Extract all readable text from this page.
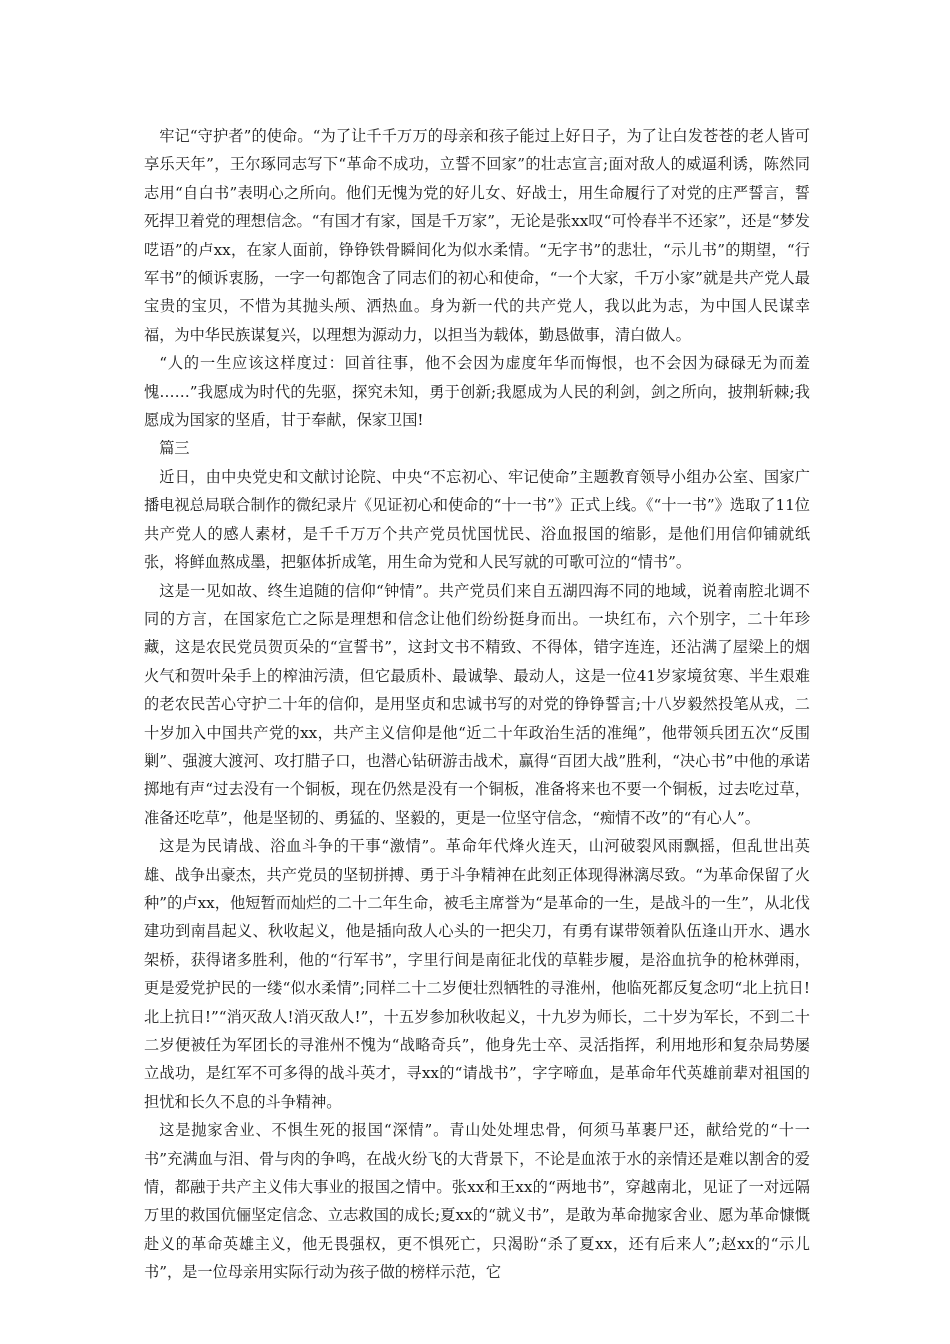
牢记“守护者”的使命。“为了让千千万万的母亲和孩子能过上好日子，为了让白发苍苍的老人皆可享乐天年”，王尔琢同志写下“革命不成功，立誓不回家”的壮志宣言;面对敌人的威逼利诱，陈然同志用“自白书”表明心之所向。他们无愧为党的好儿女、好战士，用生命履行了对党的庄严誓言，誓死捍卫着党的理想信念。“有国才有家，国是千万家”，无论是张xx叹“可怜春半不还家”，还是“梦发呓语”的卢xx，在家人面前，铮铮铁骨瞬间化为似水柔情。“无字书”的悲壮，“示儿书”的期望，“行军书”的倾诉衷肠，一字一句都饱含了同志们的初心和使命，“一个大家，千万小家”就是共产党人最宝贵的宝贝，不惜为其抛头颅、洒热血。身为新一代的共产党人，我以此为志，为中国人民谋幸福，为中华民族谋复兴，以理想为源动力，以担当为载体，勤恳做事，清白做人。

“人的一生应该这样度过：回首往事，他不会因为虚度年华而悔恨，也不会因为碌碌无为而羞愧……”我愿成为时代的先驱，探究未知，勇于创新;我愿成为人民的利剑，剑之所向，披荆斩棘;我愿成为国家的坚盾，甘于奉献，保家卫国!

篇三

近日，由中央党史和文献讨论院、中央“不忘初心、牢记使命”主题教育领导小组办公室、国家广播电视总局联合制作的微纪录片《见证初心和使命的“十一书”》正式上线。《“十一书”》选取了11位共产党人的感人素材，是千千万万个共产党员忧国忧民、浴血报国的缩影，是他们用信仰铺就纸张，将鲜血熬成墨，把躯体折成笔，用生命为党和人民写就的可歌可泣的“情书”。

这是一见如故、终生追随的信仰“钟情”。共产党员们来自五湖四海不同的地域，说着南腔北调不同的方言，在国家危亡之际是理想和信念让他们纷纷挺身而出。一块红布，六个别字，二十年珍藏，这是农民党员贺页朵的“宣誓书”，这封文书不精致、不得体，错字连连，还沾满了屋梁上的烟火气和贺叶朵手上的榨油污渍，但它最质朴、最诚挚、最动人，这是一位41岁家境贫寒、半生艰难的老农民苦心守护二十年的信仰，是用坚贞和忠诚书写的对党的铮铮誓言;十八岁毅然投笔从戎，二十岁加入中国共产党的xx，共产主义信仰是他“近二十年政治生活的准绳”，他带领兵团五次“反围剿”、强渡大渡河、攻打腊子口，也潜心钻研游击战术，赢得“百团大战”胜利，“决心书”中他的承诺掷地有声“过去没有一个铜板，现在仍然是没有一个铜板，准备将来也不要一个铜板，过去吃过草，准备还吃草”，他是坚韧的、勇猛的、坚毅的，更是一位坚守信念，“痴情不改”的“有心人”。

这是为民请战、浴血斗争的干事“激情”。革命年代烽火连天，山河破裂风雨飘摇，但乱世出英雄、战争出豪杰，共产党员的坚韧拼搏、勇于斗争精神在此刻正体现得淋漓尽致。“为革命保留了火种”的卢xx，他短暂而灿烂的二十二年生命，被毛主席誉为“是革命的一生，是战斗的一生”，从北伐建功到南昌起义、秋收起义，他是插向敌人心头的一把尖刀，有勇有谋带领着队伍逢山开水、遇水架桥，获得诸多胜利，他的“行军书”，字里行间是南征北伐的草鞋步履，是浴血抗争的枪林弹雨，更是爱党护民的一缕“似水柔情”;同样二十二岁便壮烈牺牲的寻淮州，他临死都反复念叨“北上抗日!北上抗日!”“消灭敌人!消灭敌人!”，十五岁参加秋收起义，十九岁为师长，二十岁为军长，不到二十二岁便被任为军团长的寻淮州不愧为“战略奇兵”，他身先士卒、灵活指挥，利用地形和复杂局势屡立战功，是红军不可多得的战斗英才，寻xx的“请战书”，字字啼血，是革命年代英雄前辈对祖国的担忧和长久不息的斗争精神。

这是抛家舍业、不惧生死的报国“深情”。青山处处埋忠骨，何须马革裹尸还，献给党的“十一书”充满血与泪、骨与肉的争鸣，在战火纷飞的大背景下，不论是血浓于水的亲情还是难以割舍的爱情，都融于共产主义伟大事业的报国之情中。张xx和王xx的“两地书”，穿越南北，见证了一对远隔万里的救国伉俪坚定信念、立志救国的成长;夏xx的“就义书”，是敢为革命抛家舍业、愿为革命慷慨赴义的革命英雄主义，他无畏强权，更不惧死亡，只渴盼“杀了夏xx，还有后来人”;赵xx的“示儿书”，是一位母亲用实际行动为孩子做的榜样示范，它
